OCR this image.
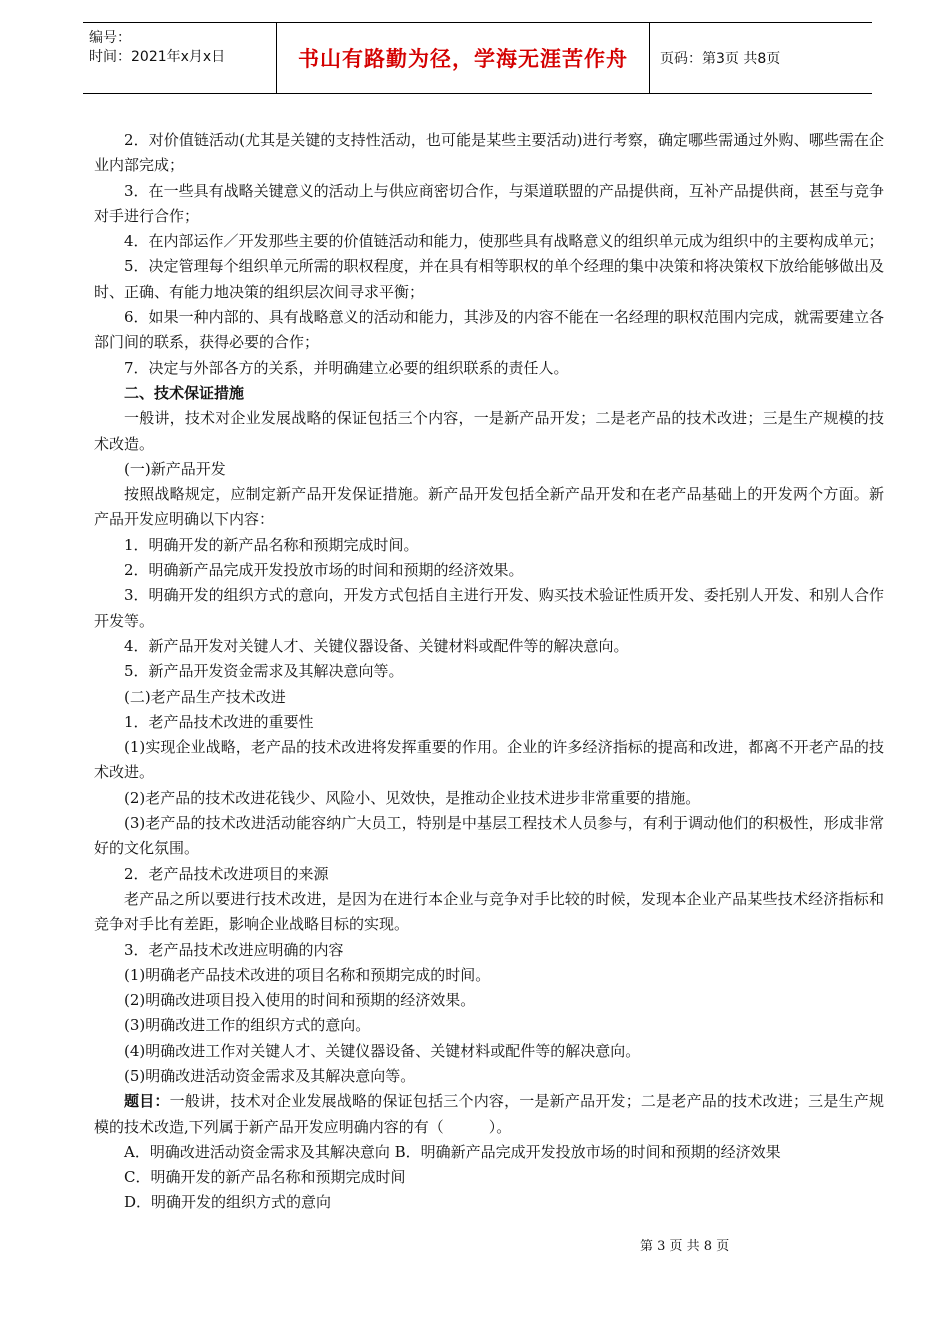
编号：
时间：2021年x月x日	书山有路勤为径，学海无涯苦作舟	页码：第3页 共8页

2．对价值链活动(尤其是关键的支持性活动，也可能是某些主要活动)进行考察，确定哪些需通过外购、哪些需在企业内部完成；

3．在一些具有战略关键意义的活动上与供应商密切合作，与渠道联盟的产品提供商，互补产品提供商，甚至与竞争对手进行合作；

4．在内部运作／开发那些主要的价值链活动和能力，使那些具有战略意义的组织单元成为组织中的主要构成单元；

5．决定管理每个组织单元所需的职权程度，并在具有相等职权的单个经理的集中决策和将决策权下放给能够做出及时、正确、有能力地决策的组织层次间寻求平衡；

6．如果一种内部的、具有战略意义的活动和能力，其涉及的内容不能在一名经理的职权范围内完成，就需要建立各部门间的联系，获得必要的合作；

7．决定与外部各方的关系，并明确建立必要的组织联系的责任人。

二、技术保证措施

一般讲，技术对企业发展战略的保证包括三个内容，一是新产品开发；二是老产品的技术改进；三是生产规模的技术改造。

(一)新产品开发

按照战略规定，应制定新产品开发保证措施。新产品开发包括全新产品开发和在老产品基础上的开发两个方面。新产品开发应明确以下内容：

1．明确开发的新产品名称和预期完成时间。

2．明确新产品完成开发投放市场的时间和预期的经济效果。

3．明确开发的组织方式的意向，开发方式包括自主进行开发、购买技术验证性质开发、委托别人开发、和别人合作开发等。

4．新产品开发对关键人才、关键仪器设备、关键材料或配件等的解决意向。

5．新产品开发资金需求及其解决意向等。

(二)老产品生产技术改进

1．老产品技术改进的重要性

(1)实现企业战略，老产品的技术改进将发挥重要的作用。企业的许多经济指标的提高和改进，都离不开老产品的技术改进。

(2)老产品的技术改进花钱少、风险小、见效快，是推动企业技术进步非常重要的措施。

(3)老产品的技术改进活动能容纳广大员工，特别是中基层工程技术人员参与，有利于调动他们的积极性，形成非常好的文化氛围。

2．老产品技术改进项目的来源

老产品之所以要进行技术改进，是因为在进行本企业与竞争对手比较的时候，发现本企业产品某些技术经济指标和竞争对手比有差距，影响企业战略目标的实现。

3．老产品技术改进应明确的内容

(1)明确老产品技术改进的项目名称和预期完成的时间。

(2)明确改进项目投入使用的时间和预期的经济效果。

(3)明确改进工作的组织方式的意向。

(4)明确改进工作对关键人才、关键仪器设备、关键材料或配件等的解决意向。

(5)明确改进活动资金需求及其解决意向等。

题目：一般讲，技术对企业发展战略的保证包括三个内容，一是新产品开发；二是老产品的技术改进；三是生产规模的技术改造,下列属于新产品开发应明确内容的有（　　　）。

A．明确改进活动资金需求及其解决意向 B．明确新产品完成开发投放市场的时间和预期的经济效果

C．明确开发的新产品名称和预期完成时间

D．明确开发的组织方式的意向

第 3 页 共 8 页
